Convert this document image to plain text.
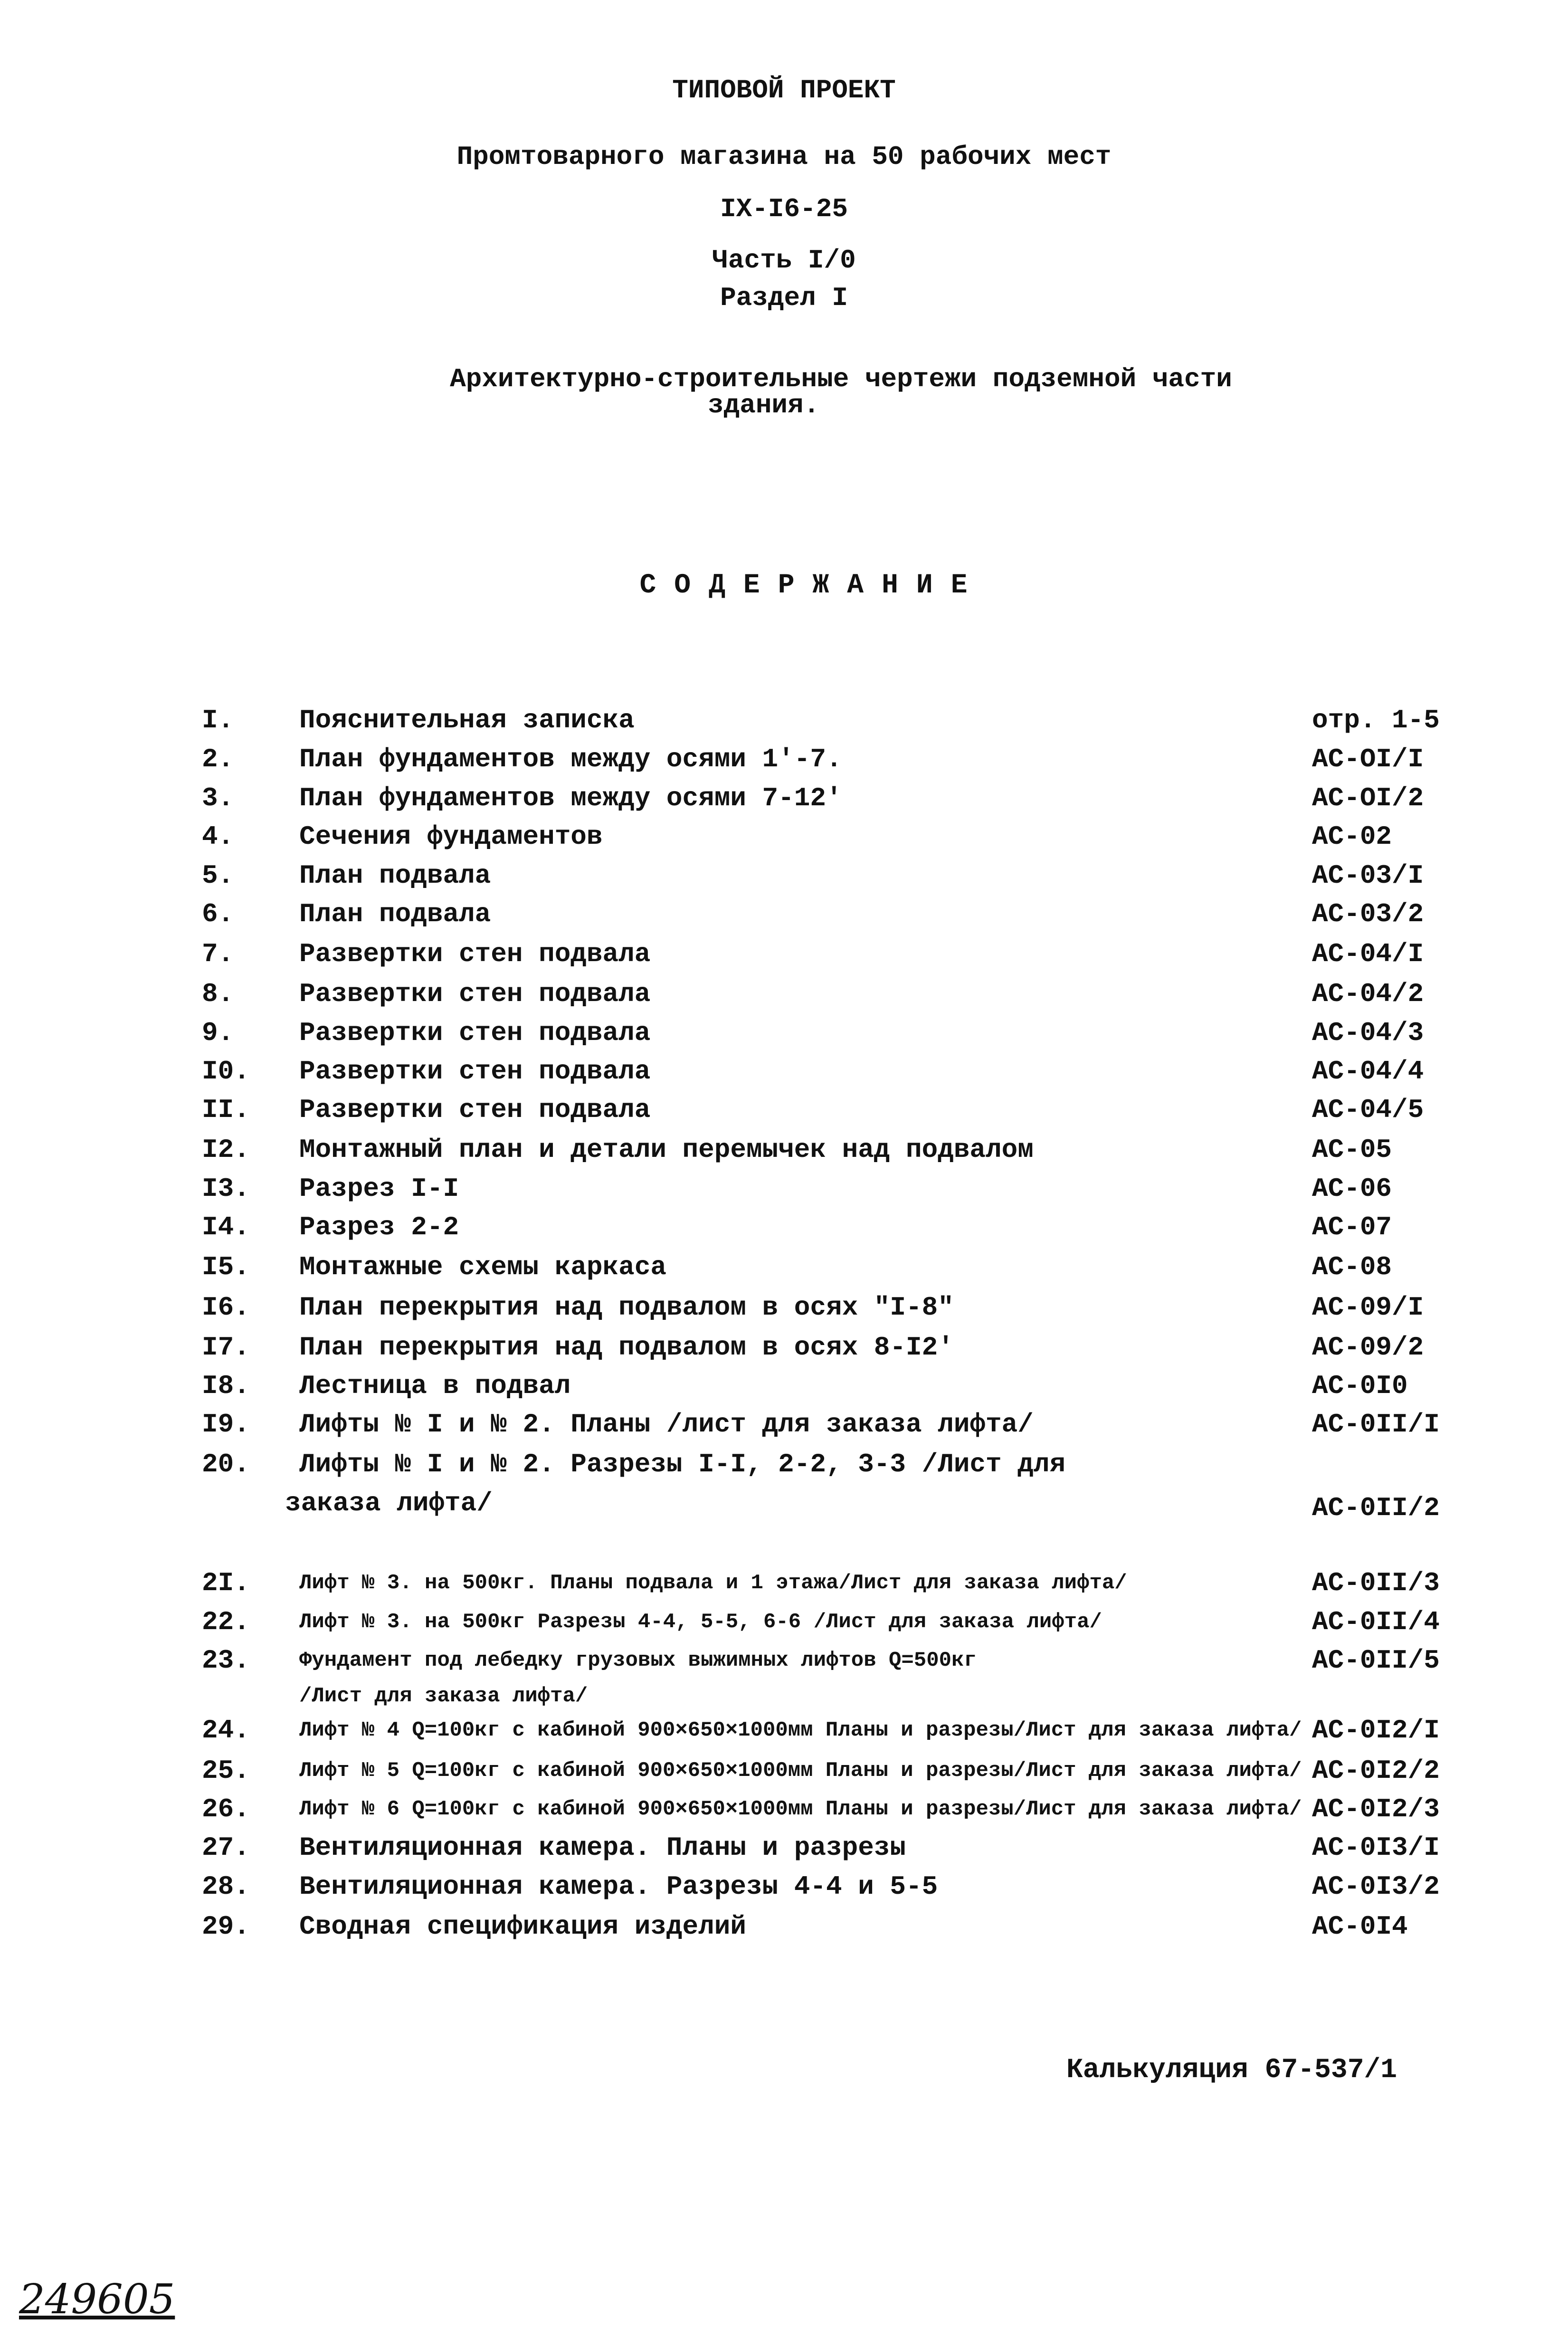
ТИПОВОЙ ПРОЕКТ
Промтоварного магазина на 50 рабочих мест
IX-I6-25
Часть I/0
Раздел I
Архитектурно-строительные чертежи подземной части
здания.
СОДЕРЖАНИЕ
I. Пояснительная записка	отр. 1-5
2. План фундаментов между осями 1'-7.	АС-ОI/I
3. План фундаментов между осями 7-12'	АС-ОI/2
4. Сечения фундаментов	АС-02
5. План подвала	АС-03/I
6. План подвала	АС-03/2
7. Развертки стен подвала	АС-04/I
8. Развертки стен подвала	АС-04/2
9. Развертки стен подвала	АС-04/3
I0. Развертки стен подвала	АС-04/4
II. Развертки стен подвала	АС-04/5
I2. Монтажный план и детали перемычек над подвалом	АС-05
I3. Разрез I-I	АС-06
I4. Разрез 2-2	АС-07
I5. Монтажные схемы каркаса	АС-08
I6. План перекрытия над подвалом в осях "I-8"	АС-09/I
I7. План перекрытия над подвалом в осях 8-I2'	АС-09/2
I8. Лестница в подвал	АС-0I0
I9. Лифты № I и № 2. Планы /лист для заказа лифта/	АС-0II/I
20. Лифты № I и № 2. Разрезы I-I, 2-2, 3-3 /Лист для
заказа лифта/	АС-0II/2
2I. Лифт № 3. на 500кг. Планы подвала и 1 этажа/Лист для заказа лифта/	АС-0II/3
22. Лифт № 3. на 500кг Разрезы 4-4, 5-5, 6-6 /Лист для заказа лифта/	АС-0II/4
23. Фундамент под лебедку грузовых выжимных лифтов Q=500кг
/Лист для заказа лифта/
АС-0II/5
24. Лифт № 4 Q=100кг с кабиной 900×650×1000мм Планы и разрезы/Лист для заказа лифта/ АС-0I2/I
25. Лифт № 5 Q=100кг с кабиной 900×650×1000мм Планы и разрезы/Лист для заказа лифта/ АС-0I2/2
26. Лифт № 6 Q=100кг с кабиной 900×650×1000мм Планы и разрезы/Лист для заказа лифта/ АС-0I2/3
27. Вентиляционная камера. Планы и разрезы	АС-0I3/I
28. Вентиляционная камера. Разрезы 4-4 и 5-5	АС-0I3/2
29. Сводная спецификация изделий	АС-0I4
Калькуляция 67-537/1
249605
